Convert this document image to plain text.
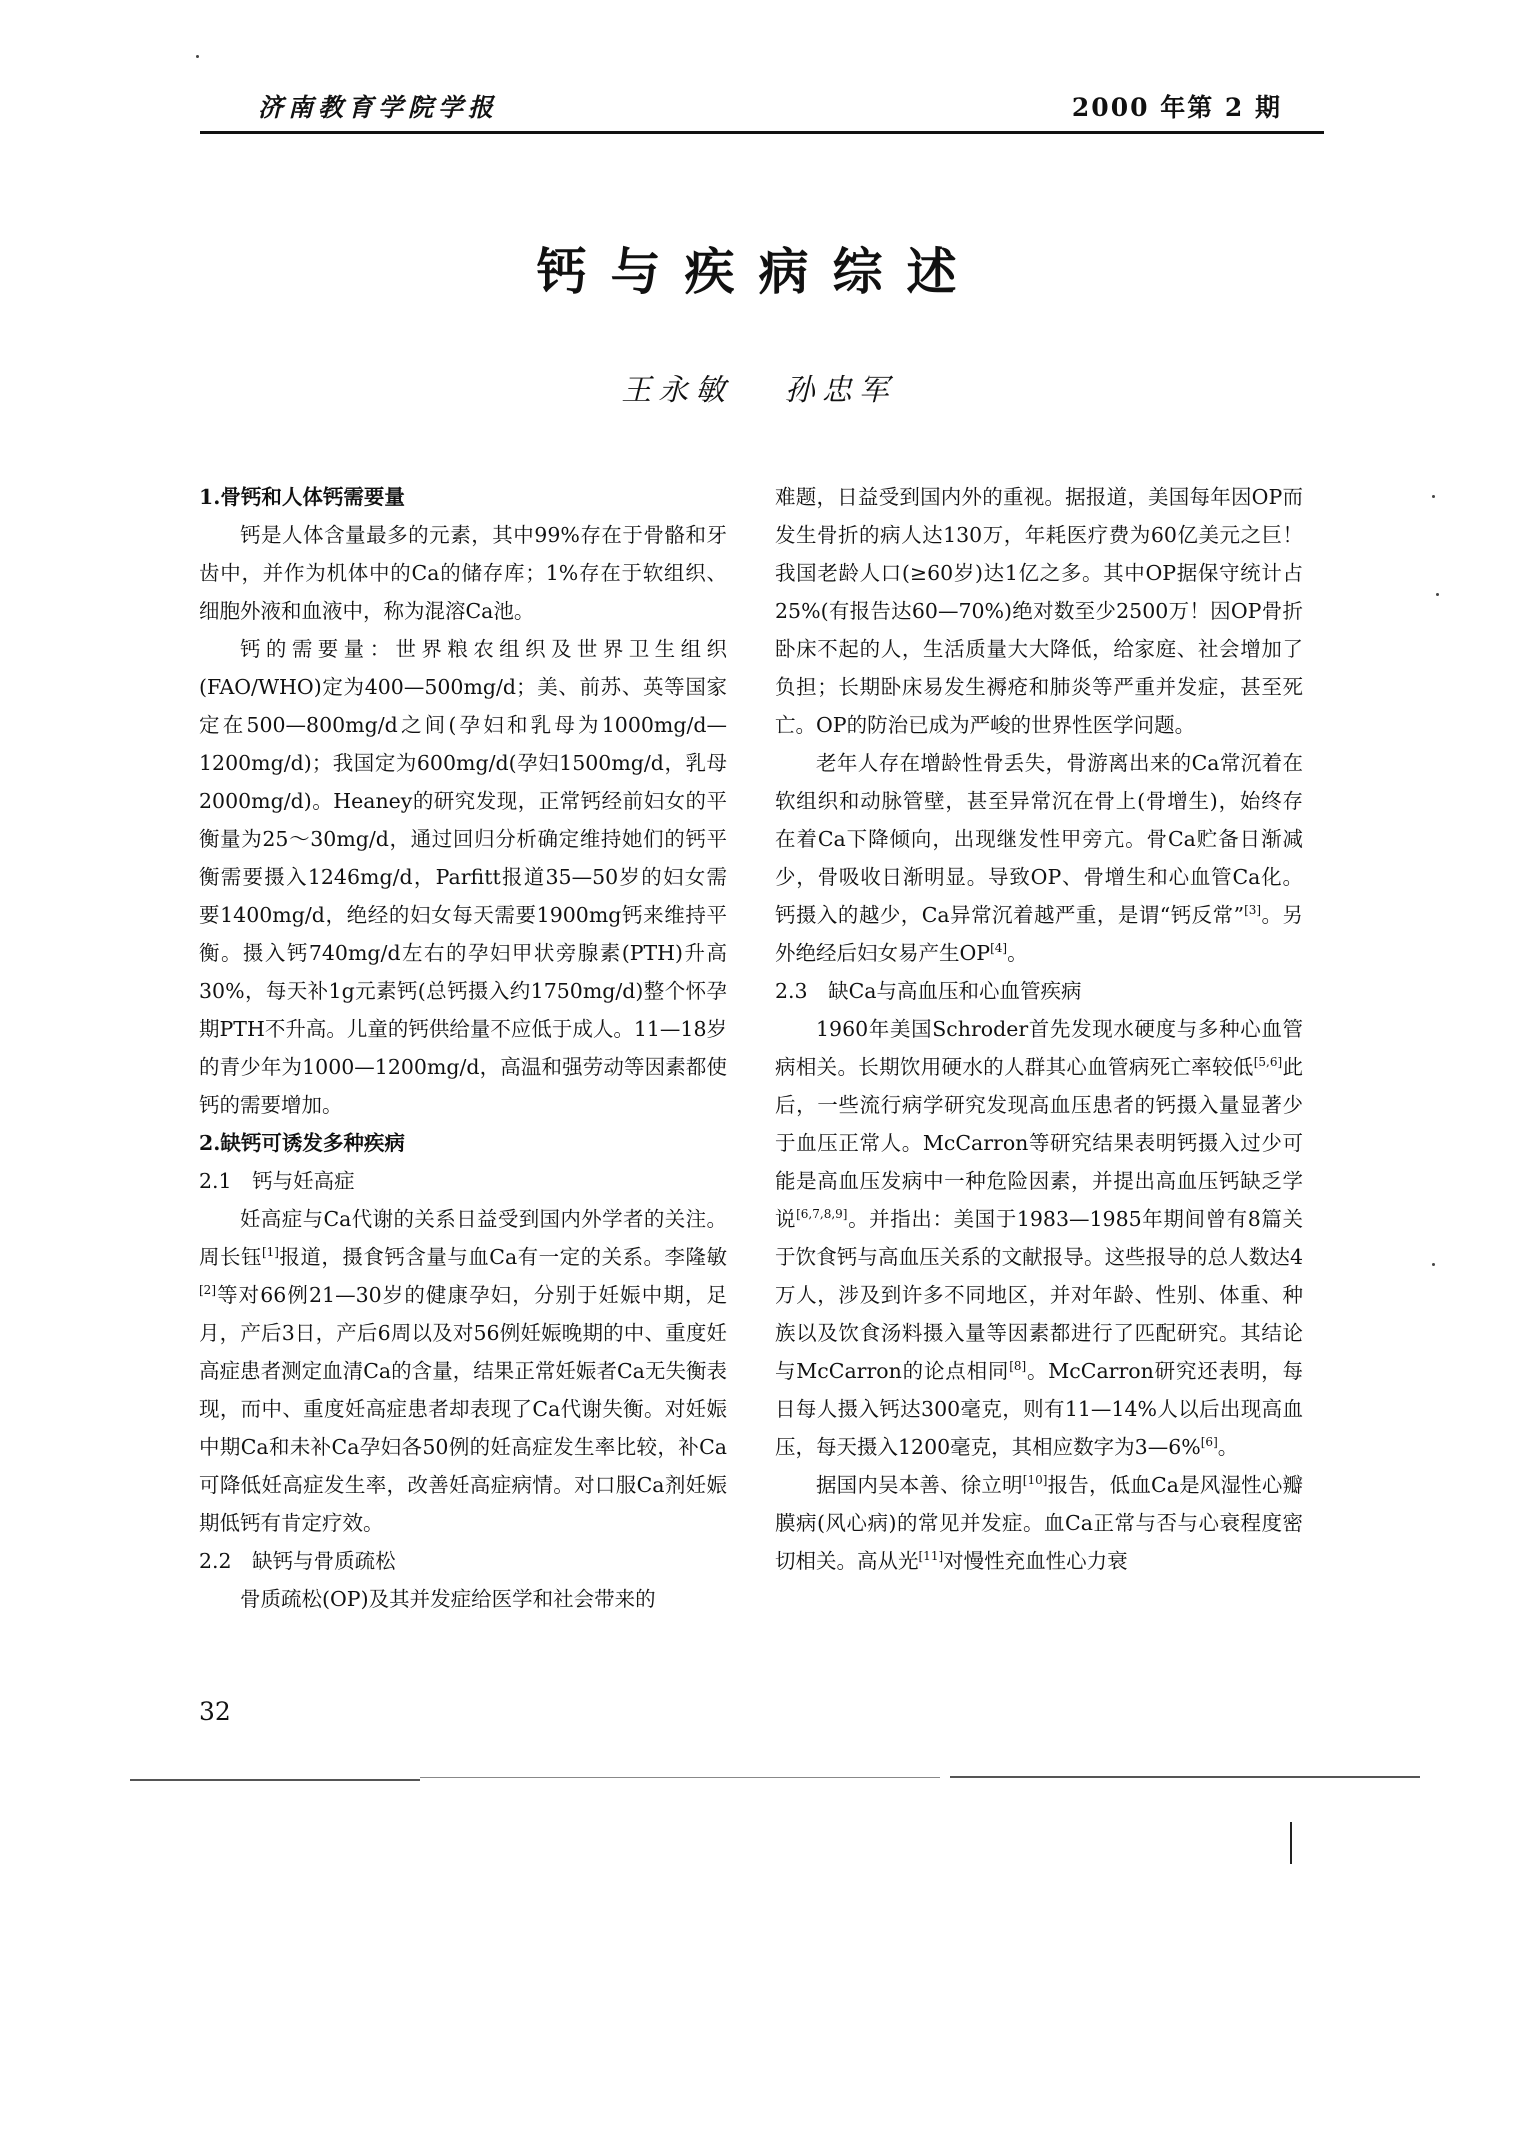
济南教育学院学报	2000 年第 2 期
钙与疾病综述
王永敏 孙忠军

1.骨钙和人体钙需要量

钙是人体含量最多的元素，其中99%存在于骨骼和牙齿中，并作为机体中的Ca的储存库；1%存在于软组织、细胞外液和血液中，称为混溶Ca池。

钙的需要量：世界粮农组织及世界卫生组织(FAO/WHO)定为400—500mg/d；美、前苏、英等国家定在500—800mg/d之间(孕妇和乳母为1000mg/d—1200mg/d)；我国定为600mg/d(孕妇1500mg/d，乳母2000mg/d)。Heaney的研究发现，正常钙经前妇女的平衡量为25～30mg/d，通过回归分析确定维持她们的钙平衡需要摄入1246mg/d，Parfitt报道35—50岁的妇女需要1400mg/d，绝经的妇女每天需要1900mg钙来维持平衡。摄入钙740mg/d左右的孕妇甲状旁腺素(PTH)升高30%，每天补1g元素钙(总钙摄入约1750mg/d)整个怀孕期PTH不升高。儿童的钙供给量不应低于成人。11—18岁的青少年为1000—1200mg/d，高温和强劳动等因素都使钙的需要增加。

2.缺钙可诱发多种疾病

2.1　钙与妊高症

妊高症与Ca代谢的关系日益受到国内外学者的关注。周长钰[1]报道，摄食钙含量与血Ca有一定的关系。李隆敏[2]等对66例21—30岁的健康孕妇，分别于妊娠中期，足月，产后3日，产后6周以及对56例妊娠晚期的中、重度妊高症患者测定血清Ca的含量，结果正常妊娠者Ca无失衡表现，而中、重度妊高症患者却表现了Ca代谢失衡。对妊娠中期Ca和未补Ca孕妇各50例的妊高症发生率比较，补Ca可降低妊高症发生率，改善妊高症病情。对口服Ca剂妊娠期低钙有肯定疗效。

2.2　缺钙与骨质疏松

骨质疏松(OP)及其并发症给医学和社会带来的

难题，日益受到国内外的重视。据报道，美国每年因OP而发生骨折的病人达130万，年耗医疗费为60亿美元之巨！我国老龄人口(≥60岁)达1亿之多。其中OP据保守统计占25%(有报告达60—70%)绝对数至少2500万！因OP骨折卧床不起的人，生活质量大大降低，给家庭、社会增加了负担；长期卧床易发生褥疮和肺炎等严重并发症，甚至死亡。OP的防治已成为严峻的世界性医学问题。

老年人存在增龄性骨丢失，骨游离出来的Ca常沉着在软组织和动脉管壁，甚至异常沉在骨上(骨增生)，始终存在着Ca下降倾向，出现继发性甲旁亢。骨Ca贮备日渐减少，骨吸收日渐明显。导致OP、骨增生和心血管Ca化。钙摄入的越少，Ca异常沉着越严重，是谓“钙反常”[3]。另外绝经后妇女易产生OP[4]。

2.3　缺Ca与高血压和心血管疾病

1960年美国Schroder首先发现水硬度与多种心血管病相关。长期饮用硬水的人群其心血管病死亡率较低[5,6]此后，一些流行病学研究发现高血压患者的钙摄入量显著少于血压正常人。McCarron等研究结果表明钙摄入过少可能是高血压发病中一种危险因素，并提出高血压钙缺乏学说[6,7,8,9]。并指出：美国于1983—1985年期间曾有8篇关于饮食钙与高血压关系的文献报导。这些报导的总人数达4万人，涉及到许多不同地区，并对年龄、性别、体重、种族以及饮食汤料摄入量等因素都进行了匹配研究。其结论与McCarron的论点相同[8]。McCarron研究还表明，每日每人摄入钙达300毫克，则有11—14%人以后出现高血压，每天摄入1200毫克，其相应数字为3—6%[6]。

据国内吴本善、徐立明[10]报告，低血Ca是风湿性心瓣膜病(风心病)的常见并发症。血Ca正常与否与心衰程度密切相关。高从光[11]对慢性充血性心力衰

32
